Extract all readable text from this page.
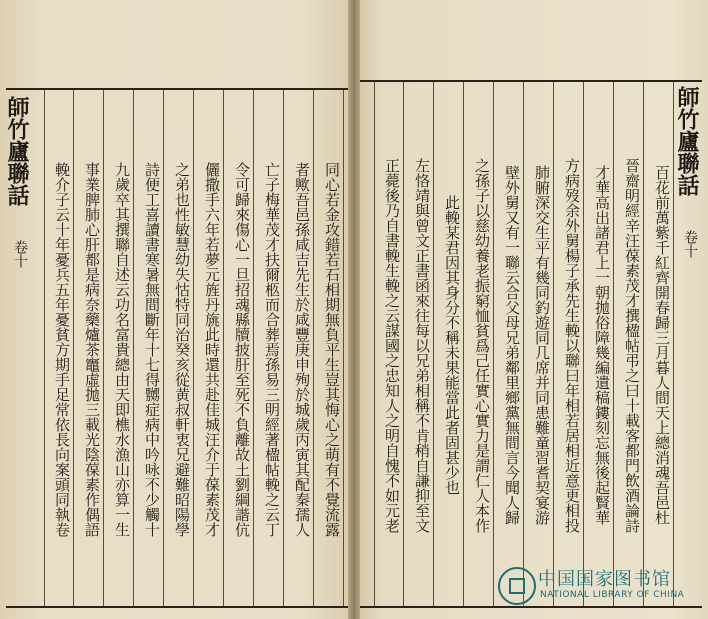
師竹廬聯話
卷十	同心若金攻錯若石相期無負平生豈其悔心之萌有不覺流露
者歟吾邑孫咸吉先生於咸豐庚申殉於城歲丙寅其配秦孺人
亡子梅華茂才扶爾柩而合葬焉孫易三明經著楹帖輓之云丁
令可歸來傷心一旦招魂縣牘披肝至死不負離故土劉綱諧伉
儷撒手六年若夢元旌丹旐此時還共赴佳城汪介于葆素茂才
之弟也性敏慧幼失怙特同治癸亥從黄叔軒衷兄避難昭陽學
詩便工喜讀書寒暑無間斷年十七得嬲症病中吟咏不少觸十
九歲卒其撰聯自述云功名富貴總由天即樵水漁山亦算一生
事業脾肺心肝都是病奈藥爐茶竈虛拋三載光陰葆素作偶語
輓介子云十年憂兵五年憂貧方期手足常依長向案頭同執卷
師竹廬聯話
卷十
百花前萬紫千紅齊開春歸三月暮人間天上總消魂吾邑杜
晉齋明經辛汪葆素茂才撰楹帖弔之曰十載客都門飲酒論詩
才華高出諸君上一朝拋俗障幾編遺稿鏤刻忘無後起賢華
方病歿余外舅楊子承先生輓以聯曰年相若居相近意更相投
肺腑深交生平有幾同釣遊同几席并同患難童習耆契宴游
壁外舅又有一聯云合父母兄弟鄰里鄉黨無間言今聞人歸
之孫子以慈幼養老振窮恤貧爲己任實心實力是謂仁人本作
此輓某君因其身分不稱未果能當此者固甚少也
左恪靖與曾文正書函來往每以兄弟相稱不肯稍自謙抑至文
正薨後乃自書輓生輓之云謀國之忠知人之明自愧不如元老
中国国家图书馆
NATIONAL LIBRARY OF CHINA
